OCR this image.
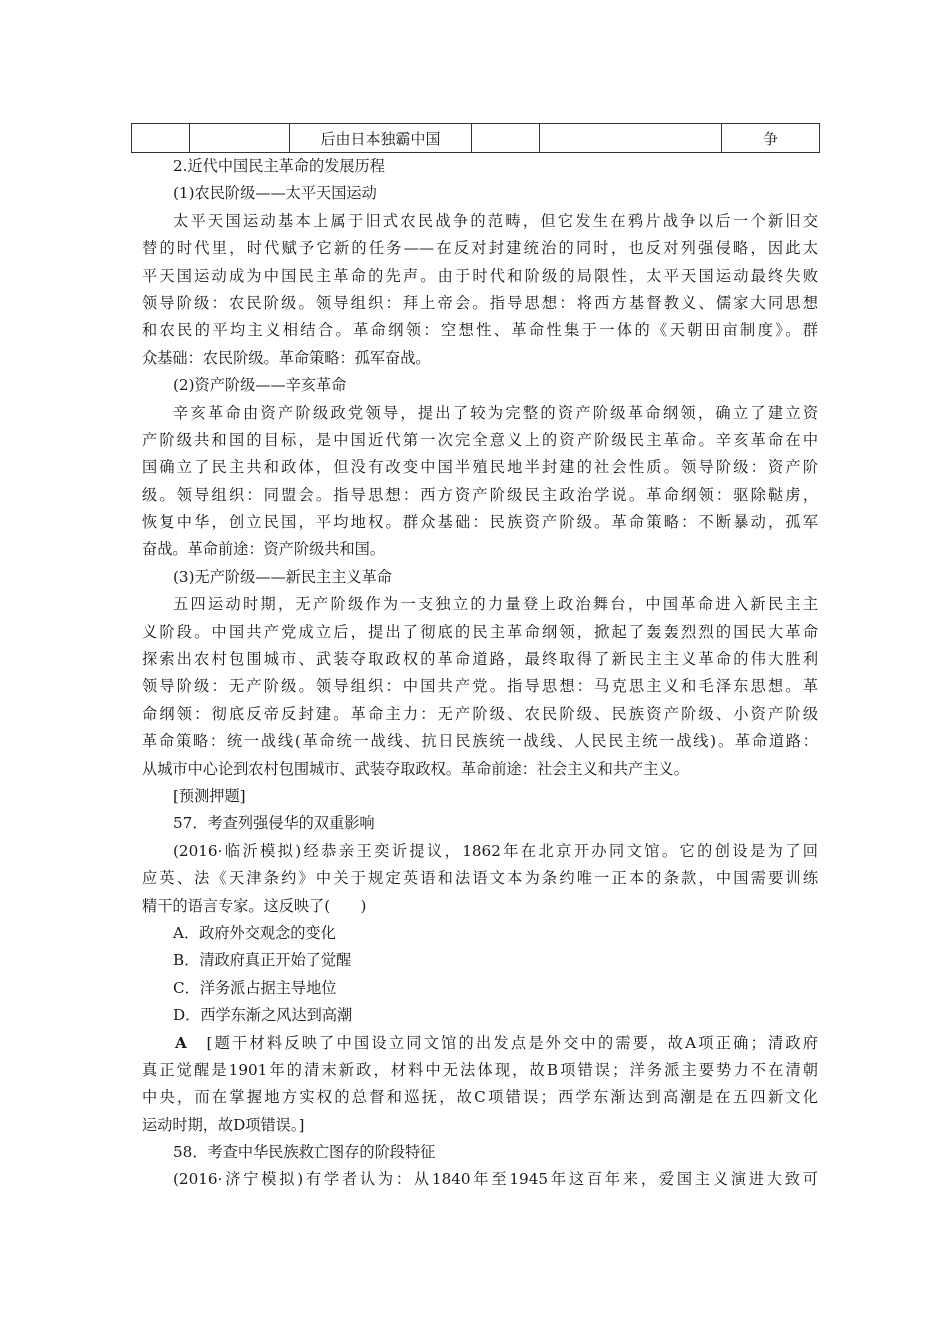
		后由日本独霸中国			争
2.近代中国民主革命的发展历程
(1)农民阶级——太平天国运动
太平天国运动基本上属于旧式农民战争的范畴，但它发生在鸦片战争以后一个新旧交
替的时代里，时代赋予它新的任务——在反对封建统治的同时，也反对列强侵略，因此太
平天国运动成为中国民主革命的先声。由于时代和阶级的局限性，太平天国运动最终失败
领导阶级：农民阶级。领导组织：拜上帝会。指导思想：将西方基督教义、儒家大同思想
和农民的平均主义相结合。革命纲领：空想性、革命性集于一体的《天朝田亩制度》。群
众基础：农民阶级。革命策略：孤军奋战。
(2)资产阶级——辛亥革命
辛亥革命由资产阶级政党领导，提出了较为完整的资产阶级革命纲领，确立了建立资
产阶级共和国的目标，是中国近代第一次完全意义上的资产阶级民主革命。辛亥革命在中
国确立了民主共和政体，但没有改变中国半殖民地半封建的社会性质。领导阶级：资产阶
级。领导组织：同盟会。指导思想：西方资产阶级民主政治学说。革命纲领：驱除鞑虏，
恢复中华，创立民国，平均地权。群众基础：民族资产阶级。革命策略：不断暴动，孤军
奋战。革命前途：资产阶级共和国。
(3)无产阶级——新民主主义革命
五四运动时期，无产阶级作为一支独立的力量登上政治舞台，中国革命进入新民主主
义阶段。中国共产党成立后，提出了彻底的民主革命纲领，掀起了轰轰烈烈的国民大革命
探索出农村包围城市、武装夺取政权的革命道路，最终取得了新民主主义革命的伟大胜利
领导阶级：无产阶级。领导组织：中国共产党。指导思想：马克思主义和毛泽东思想。革
命纲领：彻底反帝反封建。革命主力：无产阶级、农民阶级、民族资产阶级、小资产阶级
革命策略：统一战线(革命统一战线、抗日民族统一战线、人民民主统一战线)。革命道路：
从城市中心论到农村包围城市、武装夺取政权。革命前途：社会主义和共产主义。
[预测押题]
57．考查列强侵华的双重影响
(2016·临沂模拟)经恭亲王奕䜣提议，1862年在北京开办同文馆。它的创设是为了回
应英、法《天津条约》中关于规定英语和法语文本为条约唯一正本的条款，中国需要训练
精干的语言专家。这反映了(　　)
A．政府外交观念的变化
B．清政府真正开始了觉醒
C．洋务派占据主导地位
D．西学东渐之风达到高潮
A　 [题干材料反映了中国设立同文馆的出发点是外交中的需要，故A项正确；清政府
真正觉醒是1901年的清末新政，材料中无法体现，故B项错误；洋务派主要势力不在清朝
中央，而在掌握地方实权的总督和巡抚，故C项错误；西学东渐达到高潮是在五四新文化
运动时期，故D项错误。]
58．考查中华民族救亡图存的阶段特征
(2016·济宁模拟)有学者认为：从1840年至1945年这百年来，爱国主义演进大致可
